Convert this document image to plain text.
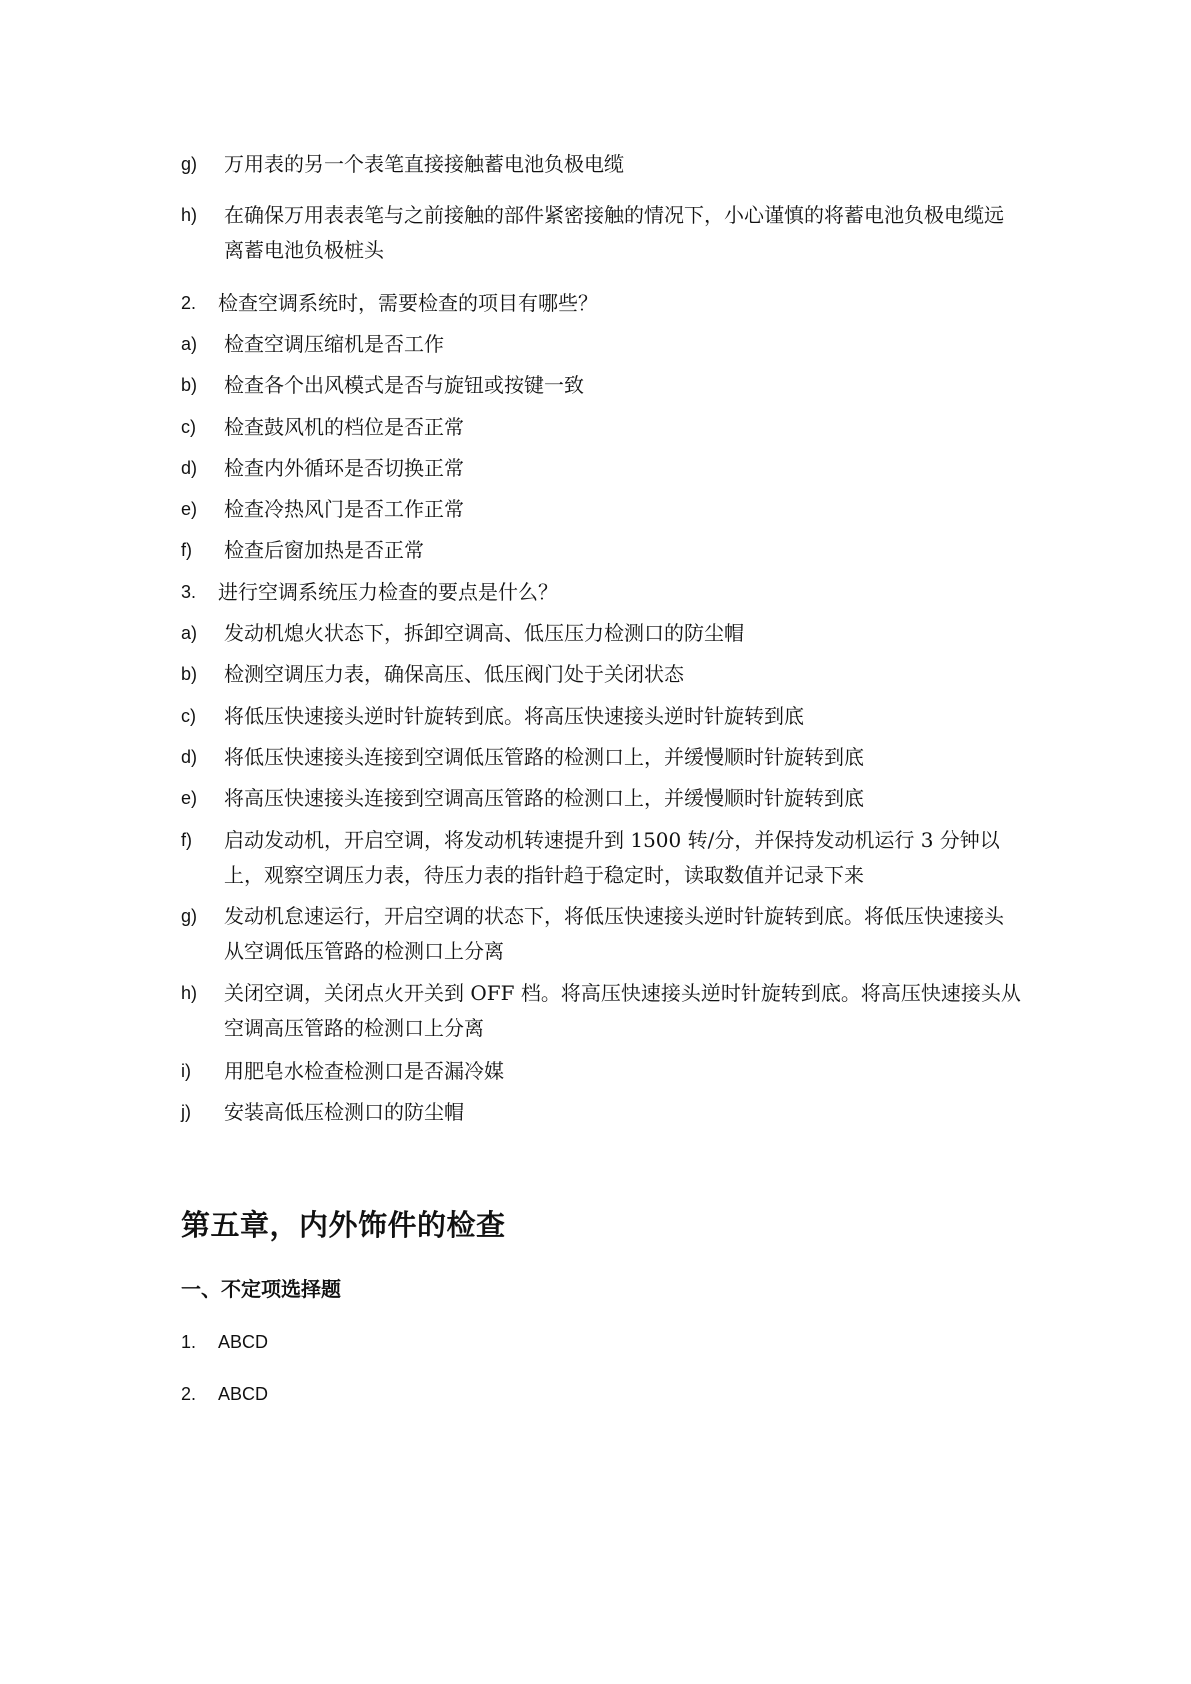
g)	万用表的另一个表笔直接接触蓄电池负极电缆
h)	在确保万用表表笔与之前接触的部件紧密接触的情况下，小心谨慎的将蓄电池负极电缆远离蓄电池负极桩头
2.	检查空调系统时，需要检查的项目有哪些？
a)	检查空调压缩机是否工作
b)	检查各个出风模式是否与旋钮或按键一致
c)	检查鼓风机的档位是否正常
d)	检查内外循环是否切换正常
e)	检查冷热风门是否工作正常
f)	检查后窗加热是否正常
3.	进行空调系统压力检查的要点是什么？
a)	发动机熄火状态下，拆卸空调高、低压压力检测口的防尘帽
b)	检测空调压力表，确保高压、低压阀门处于关闭状态
c)	将低压快速接头逆时针旋转到底。将高压快速接头逆时针旋转到底
d)	将低压快速接头连接到空调低压管路的检测口上，并缓慢顺时针旋转到底
e)	将高压快速接头连接到空调高压管路的检测口上，并缓慢顺时针旋转到底
f)	启动发动机，开启空调，将发动机转速提升到 1500 转/分，并保持发动机运行 3 分钟以上，观察空调压力表，待压力表的指针趋于稳定时，读取数值并记录下来
g)	发动机怠速运行，开启空调的状态下，将低压快速接头逆时针旋转到底。将低压快速接头从空调低压管路的检测口上分离
h)	关闭空调，关闭点火开关到 OFF 档。将高压快速接头逆时针旋转到底。将高压快速接头从空调高压管路的检测口上分离
i)	用肥皂水检查检测口是否漏冷媒
j)	安装高低压检测口的防尘帽
第五章，内外饰件的检查
一、不定项选择题
1.	ABCD
2.	ABCD
